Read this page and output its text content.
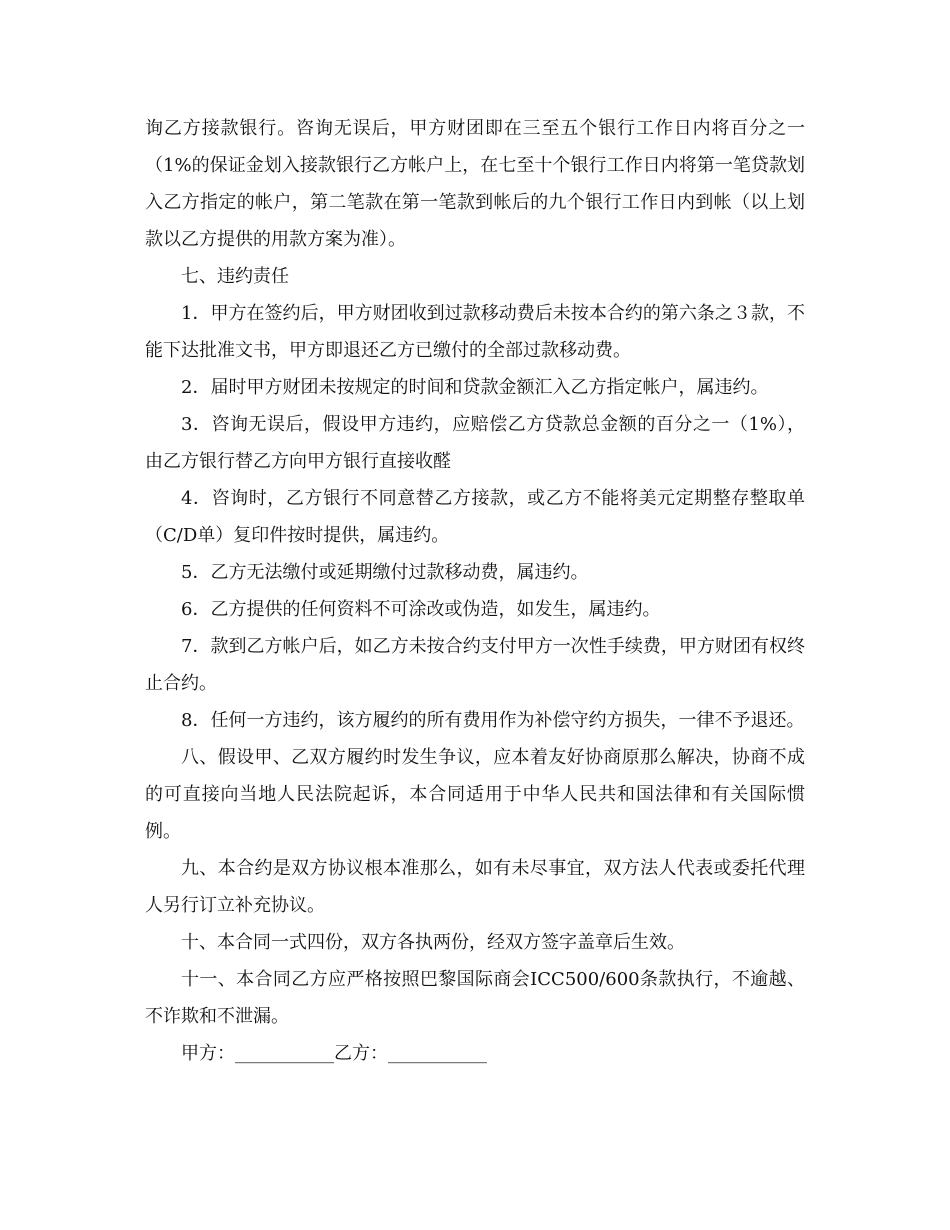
询乙方接款银行。咨询无误后，甲方财团即在三至五个银行工作日内将百分之一（1%的保证金划入接款银行乙方帐户上，在七至十个银行工作日内将第一笔贷款划入乙方指定的帐户，第二笔款在第一笔款到帐后的九个银行工作日内到帐（以上划款以乙方提供的用款方案为准）。

七、违约责任

1．甲方在签约后，甲方财团收到过款移动费后未按本合约的第六条之３款，不能下达批准文书，甲方即退还乙方已缴付的全部过款移动费。

2．届时甲方财团未按规定的时间和贷款金额汇入乙方指定帐户，属违约。

3．咨询无误后，假设甲方违约，应赔偿乙方贷款总金额的百分之一（1%），由乙方银行替乙方向甲方银行直接收醛

4．咨询时，乙方银行不同意替乙方接款，或乙方不能将美元定期整存整取单（C/D单）复印件按时提供，属违约。

5．乙方无法缴付或延期缴付过款移动费，属违约。

6．乙方提供的任何资料不可涂改或伪造，如发生，属违约。

7．款到乙方帐户后，如乙方未按合约支付甲方一次性手续费，甲方财团有权终止合约。

8．任何一方违约，该方履约的所有费用作为补偿守约方损失，一律不予退还。

八、假设甲、乙双方履约时发生争议，应本着友好协商原那么解决，协商不成的可直接向当地人民法院起诉，本合同适用于中华人民共和国法律和有关国际惯例。

九、本合约是双方协议根本准那么，如有未尽事宜，双方法人代表或委托代理人另行订立补充协议。

十、本合同一式四份，双方各执两份，经双方签字盖章后生效。

十一、本合同乙方应严格按照巴黎国际商会ICC500/600条款执行，不逾越、不诈欺和不泄漏。

甲方：___________乙方：___________
